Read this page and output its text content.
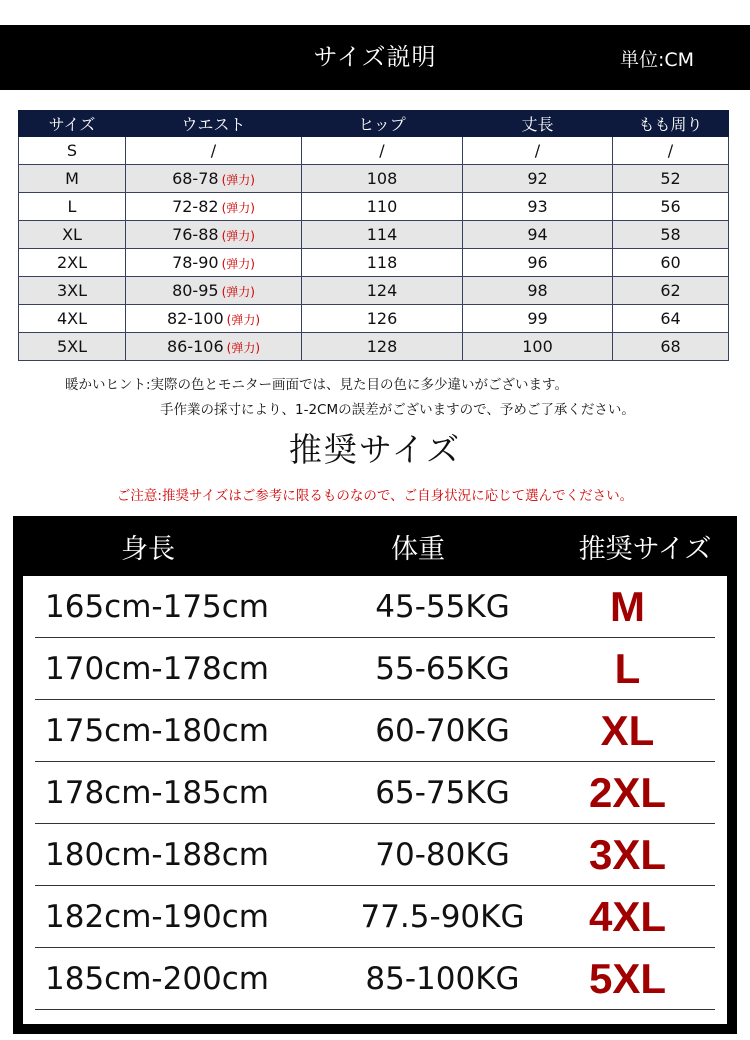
サイズ説明	単位:CM
サイズ	ウエスト	ヒップ	丈長	もも周り
S	/	/	/	/
M	68-78 (弹力)	108	92	52
L	72-82 (弹力)	110	93	56
XL	76-88 (弹力)	114	94	58
2XL	78-90 (弹力)	118	96	60
3XL	80-95 (弹力)	124	98	62
4XL	82-100 (弹力)	126	99	64
5XL	86-106 (弹力)	128	100	68
暖かいヒント:実際の色とモニター画面では、見た目の色に多少違いがございます。
手作業の採寸により、1-2CMの誤差がございますので、予めご了承ください。
推奨サイズ
ご注意:推奨サイズはご参考に限るものなので、ご自身状況に応じて選んでください。
身長	体重	推奨サイズ
165cm-175cm	45-55KG	M
170cm-178cm	55-65KG	L
175cm-180cm	60-70KG	XL
178cm-185cm	65-75KG	2XL
180cm-188cm	70-80KG	3XL
182cm-190cm	77.5-90KG	4XL
185cm-200cm	85-100KG	5XL
